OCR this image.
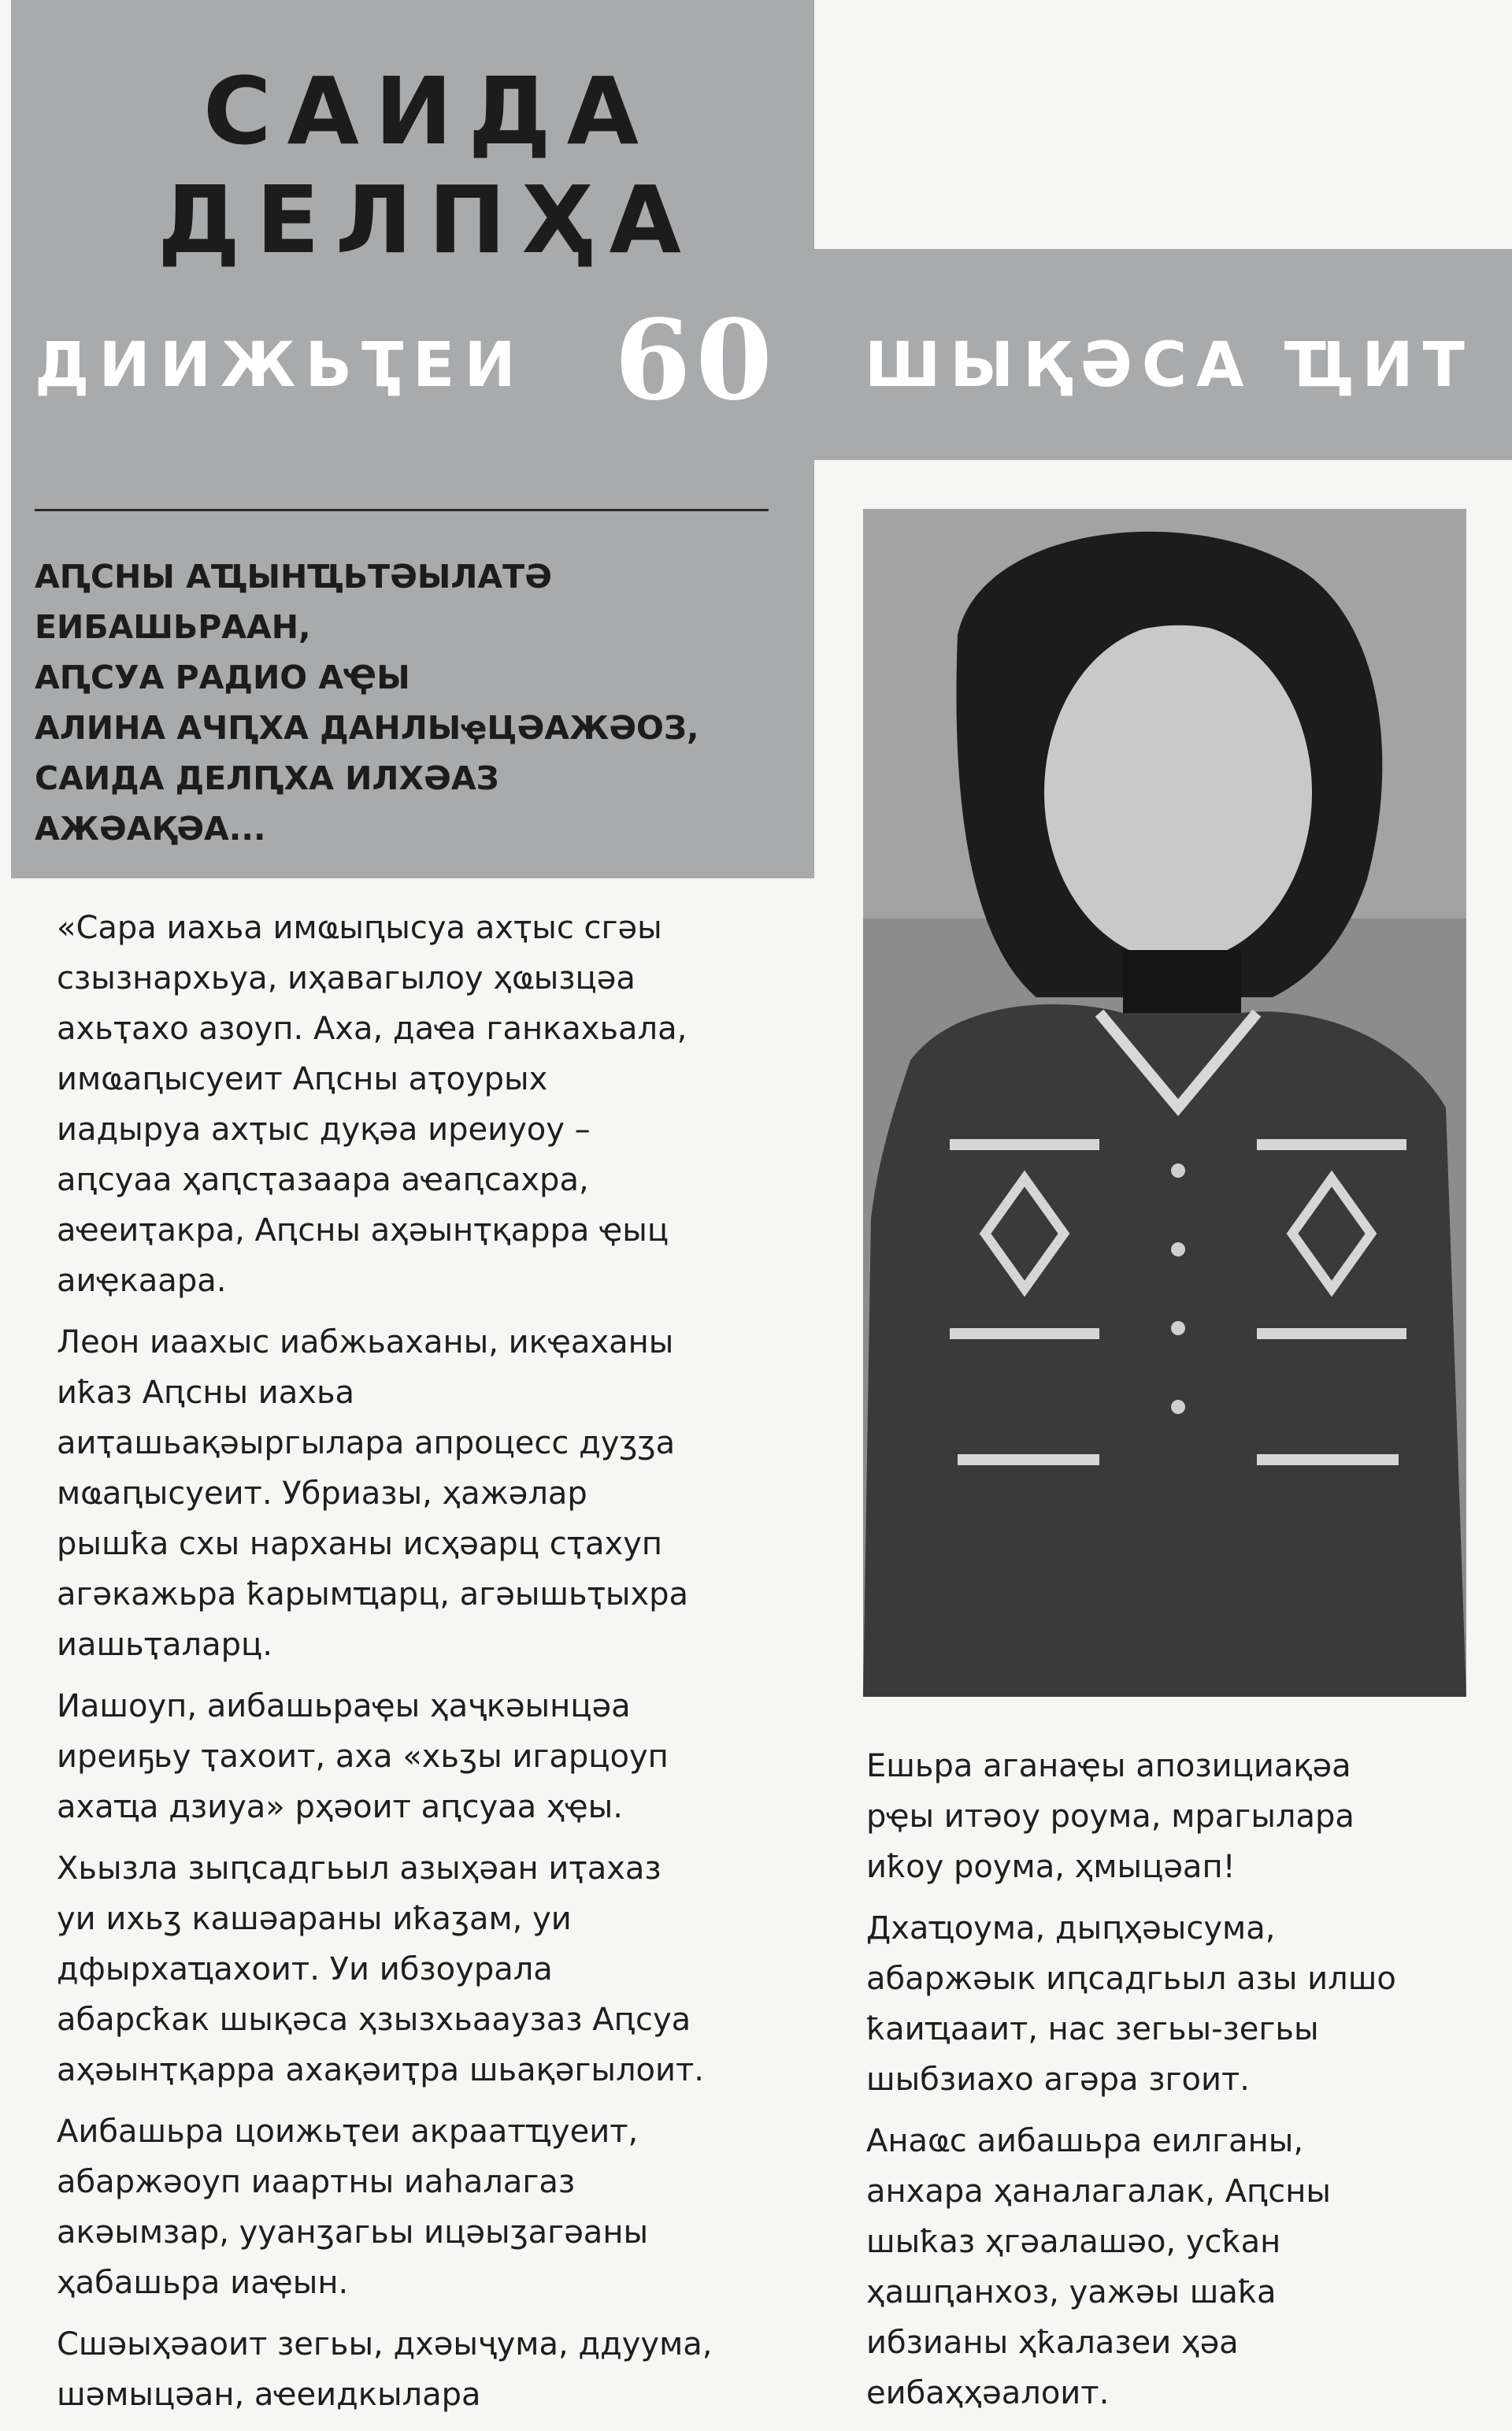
САИДА
ДЕЛПҲА
ДИИЖЬҬЕИ 60 ШЫҚӘСА ҴИТ
АԤСНЫ АҴЫНҴЬТӘЫЛАТӘ
ЕИБАШЬРААН,
АԤСУА РАДИО АҾЫ
АЛИНА АЧԤХА ДАНЛЫҿЦӘАЖӘОЗ,
САИДА ДЕЛԤХА ИЛХӘАЗ
АЖӘАҚӘА...
«Сара иахьа имҩыԥысуа ахҭыс сгәы
сзызнархьуа, иҳавагылоу ҳҩызцәа
ахьҭахо азоуп. Аха, даҽа ганкахьала,
имҩаԥысуеит Аԥсны аҭоурых
иадыруа ахҭыс дуқәа иреиуоу –
аԥсуаа ҳаԥсҭазаара аҽаԥсахра,
аҽеиҭакра, Аԥсны аҳәынҭқарра ҿыц
аиҿкаара.
Леон иаахыс иабжьаханы, икҿаханы
иҟаз Аԥсны иахьа
аиҭашьақәыргылара апроцесс дуӡӡа
мҩаԥысуеит. Убриазы, ҳажәлар
рышҟа схы нарханы исҳәарц сҭахуп
агәкажьра ҟарымҵарц, агәышьҭыхра
иашьҭаларц.
Иашоуп, аибашьраҿы ҳаҷкәынцәа
иреиҕьу ҭахоит, аха «хьӡы игарцоуп
ахаҵа дзиуа» рҳәоит аԥсуаа ҳҿы.
Хьызла зыԥсадгьыл азыҳәан иҭахаз
уи ихьӡ кашәараны иҟаӡам, уи
дфырхаҵахоит. Уи ибзоурала
абарсҟак шықәса ҳзызхьааузаз Аԥсуа
аҳәынҭқарра ахақәиҭра шьақәгылоит.
Аибашьра цоижьҭеи акраатҵуеит,
абаржәоуп иаартны иаhалагаз
акәымзар, ууанӡагьы ицәыӡагәаны
ҳабашьра иаҿын.
Сшәыҳәаоит зегьы, дхәыҷума, ддуума,
шәмыцәан, аҽеидкылара
Ешьра аганаҿы апозициақәа
рҿы итәоу роума, мрагылара
иҟоу роума, ҳмыцәап!
Дхаҵоума, дыԥҳәысума,
абаржәык иԥсадгьыл азы илшо
ҟаиҵааит, нас зегьы-зегьы
шыбзиахо агәра згоит.
Анаҩс аибашьра еилганы,
анхара ҳаналагалак, Аԥсны
шыҟаз ҳгәалашәо, усҟан
ҳашԥанхоз, уажәы шаҟа
ибзианы ҳҟалазеи ҳәа
еибаҳҳәалоит.
